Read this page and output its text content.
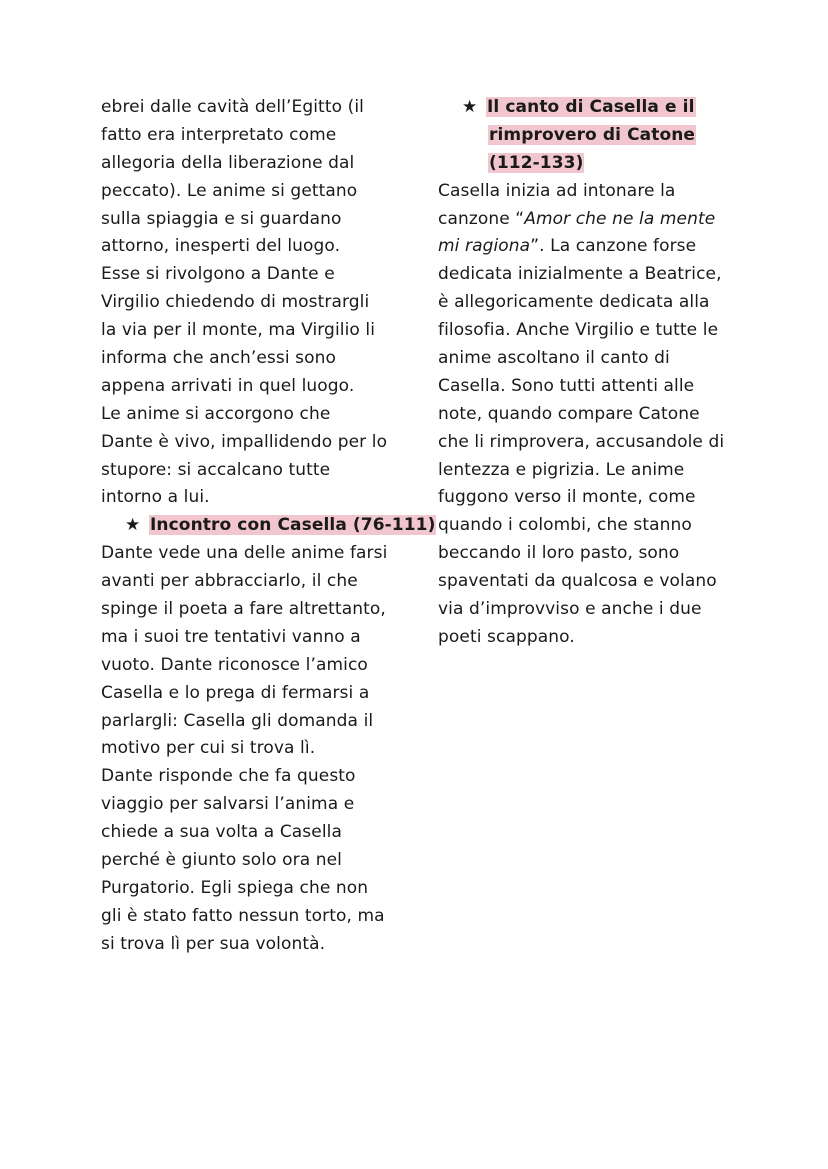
ebrei dalle cavità dell’Egitto (il
fatto era interpretato come
allegoria della liberazione dal
peccato). Le anime si gettano
sulla spiaggia e si guardano
attorno, inesperti del luogo.
Esse si rivolgono a Dante e
Virgilio chiedendo di mostrargli
la via per il monte, ma Virgilio li
informa che anch’essi sono
appena arrivati in quel luogo.
Le anime si accorgono che
Dante è vivo, impallidendo per lo
stupore: si accalcano tutte
intorno a lui.
★ Incontro con Casella (76-111)
Dante vede una delle anime farsi
avanti per abbracciarlo, il che
spinge il poeta a fare altrettanto,
ma i suoi tre tentativi vanno a
vuoto. Dante riconosce l’amico
Casella e lo prega di fermarsi a
parlargli: Casella gli domanda il
motivo per cui si trova lì.
Dante risponde che fa questo
viaggio per salvarsi l’anima e
chiede a sua volta a Casella
perché è giunto solo ora nel
Purgatorio. Egli spiega che non
gli è stato fatto nessun torto, ma
si trova lì per sua volontà.
★ Il canto di Casella e il
rimprovero di Catone
(112-133)
Casella inizia ad intonare la
canzone “Amor che ne la mente
mi ragiona”. La canzone forse
dedicata inizialmente a Beatrice,
è allegoricamente dedicata alla
filosofia. Anche Virgilio e tutte le
anime ascoltano il canto di
Casella. Sono tutti attenti alle
note, quando compare Catone
che li rimprovera, accusandole di
lentezza e pigrizia. Le anime
fuggono verso il monte, come
quando i colombi, che stanno
beccando il loro pasto, sono
spaventati da qualcosa e volano
via d’improvviso e anche i due
poeti scappano.
